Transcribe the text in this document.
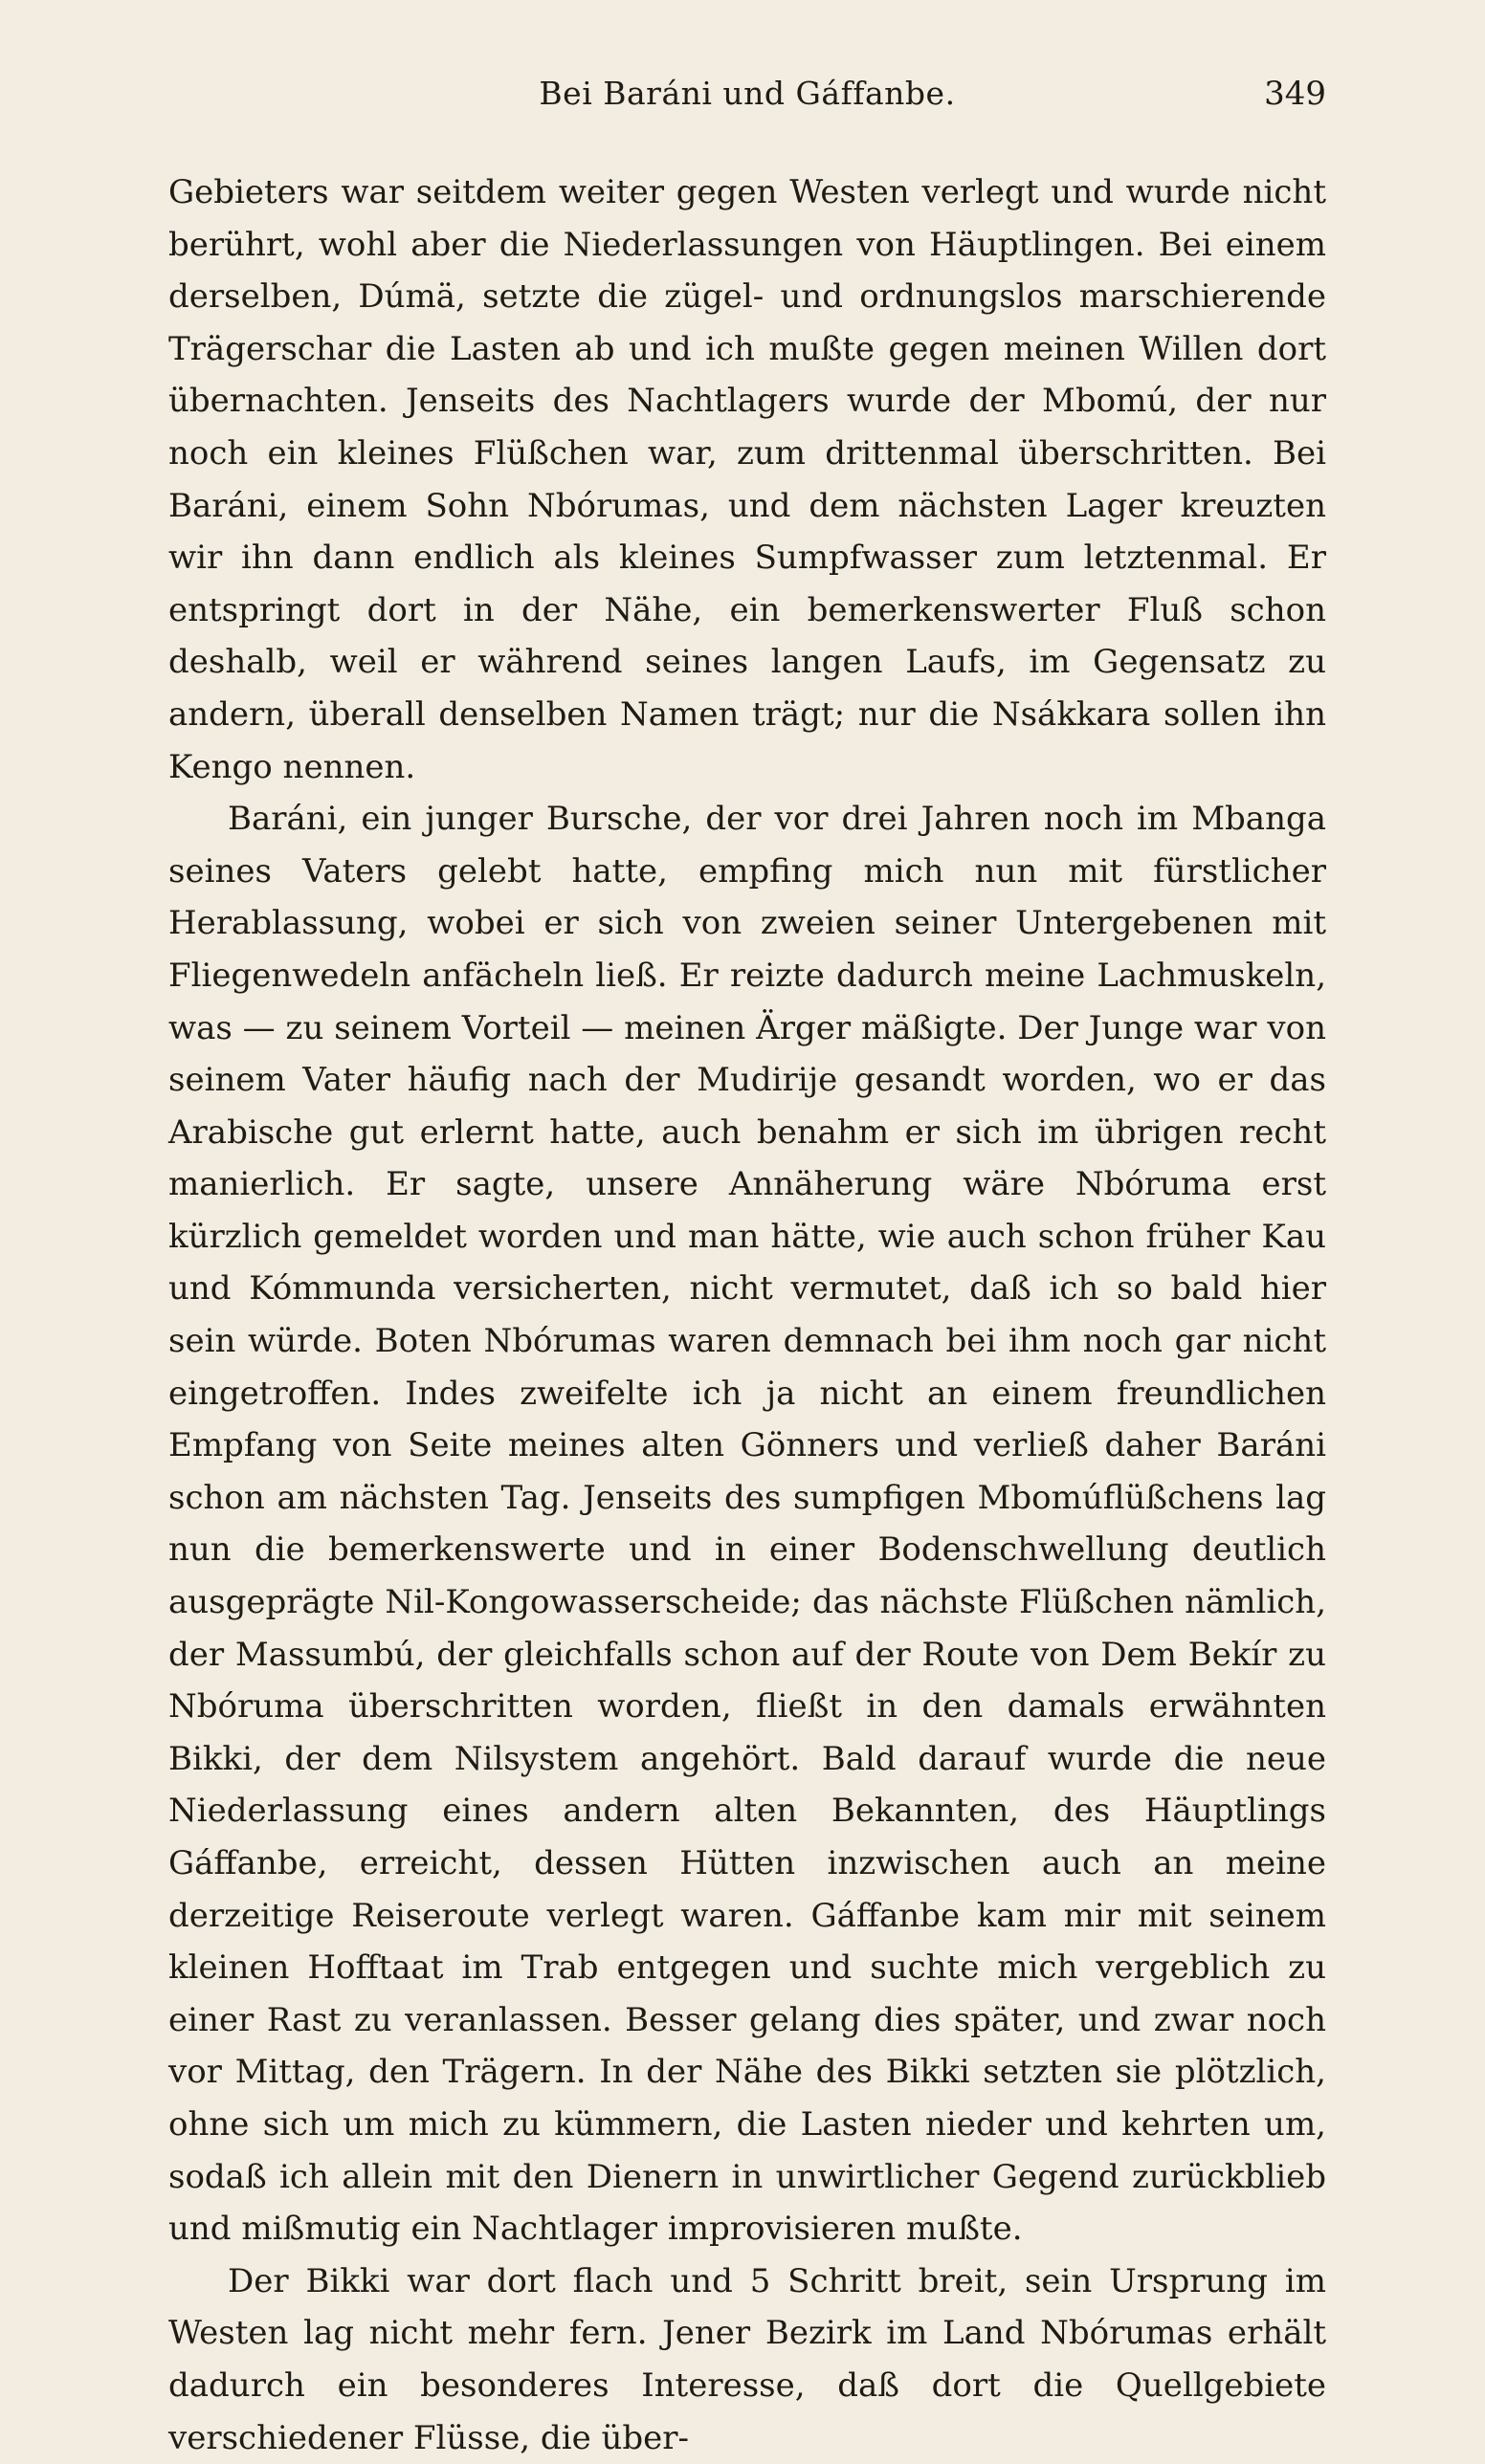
Bei Baráni und Gáffanbe.	349

Gebieters war seitdem weiter gegen Westen verlegt und wurde nicht berührt, wohl aber die Niederlassungen von Häuptlingen. Bei einem derselben, Dúmä, setzte die zügel- und ordnungslos marschierende Trägerschar die Lasten ab und ich mußte gegen meinen Willen dort übernachten. Jenseits des Nachtlagers wurde der Mbomú, der nur noch ein kleines Flüßchen war, zum drittenmal überschritten. Bei Baráni, einem Sohn Nbórumas, und dem nächsten Lager kreuzten wir ihn dann endlich als kleines Sumpfwasser zum letztenmal. Er entspringt dort in der Nähe, ein bemerkenswerter Fluß schon deshalb, weil er während seines langen Laufs, im Gegensatz zu andern, überall denselben Namen trägt; nur die Nsákkara sollen ihn Kengo nennen.

Baráni, ein junger Bursche, der vor drei Jahren noch im Mbanga seines Vaters gelebt hatte, empfing mich nun mit fürstlicher Herablassung, wobei er sich von zweien seiner Untergebenen mit Fliegenwedeln anfächeln ließ. Er reizte dadurch meine Lachmuskeln, was — zu seinem Vorteil — meinen Ärger mäßigte. Der Junge war von seinem Vater häufig nach der Mudirije gesandt worden, wo er das Arabische gut erlernt hatte, auch benahm er sich im übrigen recht manierlich. Er sagte, unsere Annäherung wäre Nbóruma erst kürzlich gemeldet worden und man hätte, wie auch schon früher Kau und Kómmunda versicherten, nicht vermutet, daß ich so bald hier sein würde. Boten Nbórumas waren demnach bei ihm noch gar nicht eingetroffen. Indes zweifelte ich ja nicht an einem freundlichen Empfang von Seite meines alten Gönners und verließ daher Baráni schon am nächsten Tag. Jenseits des sumpfigen Mbomúflüßchens lag nun die bemerkenswerte und in einer Bodenschwellung deutlich ausgeprägte Nil-Kongowasserscheide; das nächste Flüßchen nämlich, der Massumbú, der gleichfalls schon auf der Route von Dem Bekír zu Nbóruma überschritten worden, fließt in den damals erwähnten Bikki, der dem Nilsystem angehört. Bald darauf wurde die neue Niederlassung eines andern alten Bekannten, des Häuptlings Gáffanbe, erreicht, dessen Hütten inzwischen auch an meine derzeitige Reiseroute verlegt waren. Gáffanbe kam mir mit seinem kleinen Hofftaat im Trab entgegen und suchte mich vergeblich zu einer Rast zu veranlassen. Besser gelang dies später, und zwar noch vor Mittag, den Trägern. In der Nähe des Bikki setzten sie plötzlich, ohne sich um mich zu kümmern, die Lasten nieder und kehrten um, sodaß ich allein mit den Dienern in unwirtlicher Gegend zurückblieb und mißmutig ein Nachtlager improvisieren mußte.

Der Bikki war dort flach und 5 Schritt breit, sein Ursprung im Westen lag nicht mehr fern. Jener Bezirk im Land Nbórumas erhält dadurch ein besonderes Interesse, daß dort die Quellgebiete verschiedener Flüsse, die über-
